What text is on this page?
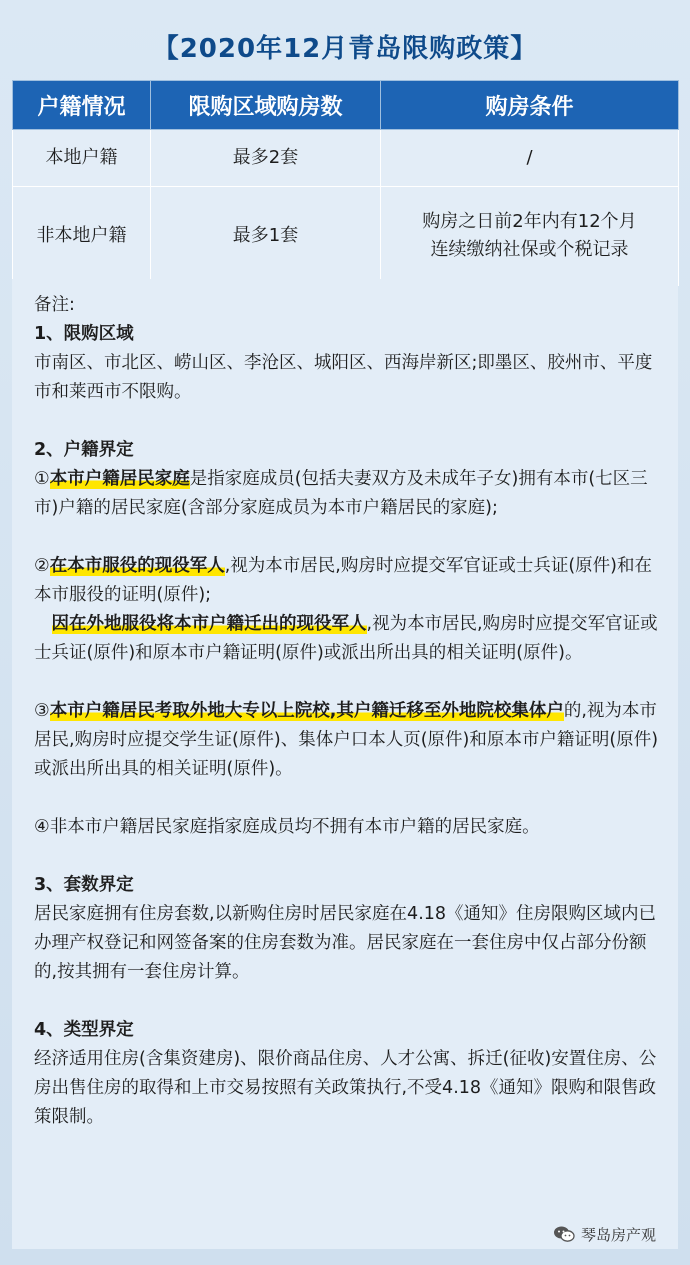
【2020年12月青岛限购政策】
户籍情况	限购区域购房数	购房条件
本地户籍	最多2套	/
非本地户籍	最多1套	购房之日前2年内有12个月
连续缴纳社保或个税记录

备注:

1、限购区域

市南区、市北区、崂山区、李沧区、城阳区、西海岸新区;即墨区、胶州市、平度市和莱西市不限购。

2、户籍界定

①本市户籍居民家庭是指家庭成员(包括夫妻双方及未成年子女)拥有本市(七区三市)户籍的居民家庭(含部分家庭成员为本市户籍居民的家庭);

②在本市服役的现役军人,视为本市居民,购房时应提交军官证或士兵证(原件)和在本市服役的证明(原件);

因在外地服役将本市户籍迁出的现役军人,视为本市居民,购房时应提交军官证或士兵证(原件)和原本市户籍证明(原件)或派出所出具的相关证明(原件)。

③本市户籍居民考取外地大专以上院校,其户籍迁移至外地院校集体户的,视为本市居民,购房时应提交学生证(原件)、集体户口本人页(原件)和原本市户籍证明(原件)或派出所出具的相关证明(原件)。

④非本市户籍居民家庭指家庭成员均不拥有本市户籍的居民家庭。

3、套数界定

居民家庭拥有住房套数,以新购住房时居民家庭在4.18《通知》住房限购区域内已办理产权登记和网签备案的住房套数为准。居民家庭在一套住房中仅占部分份额的,按其拥有一套住房计算。

4、类型界定

经济适用住房(含集资建房)、限价商品住房、人才公寓、拆迁(征收)安置住房、公房出售住房的取得和上市交易按照有关政策执行,不受4.18《通知》限购和限售政策限制。

琴岛房产观
